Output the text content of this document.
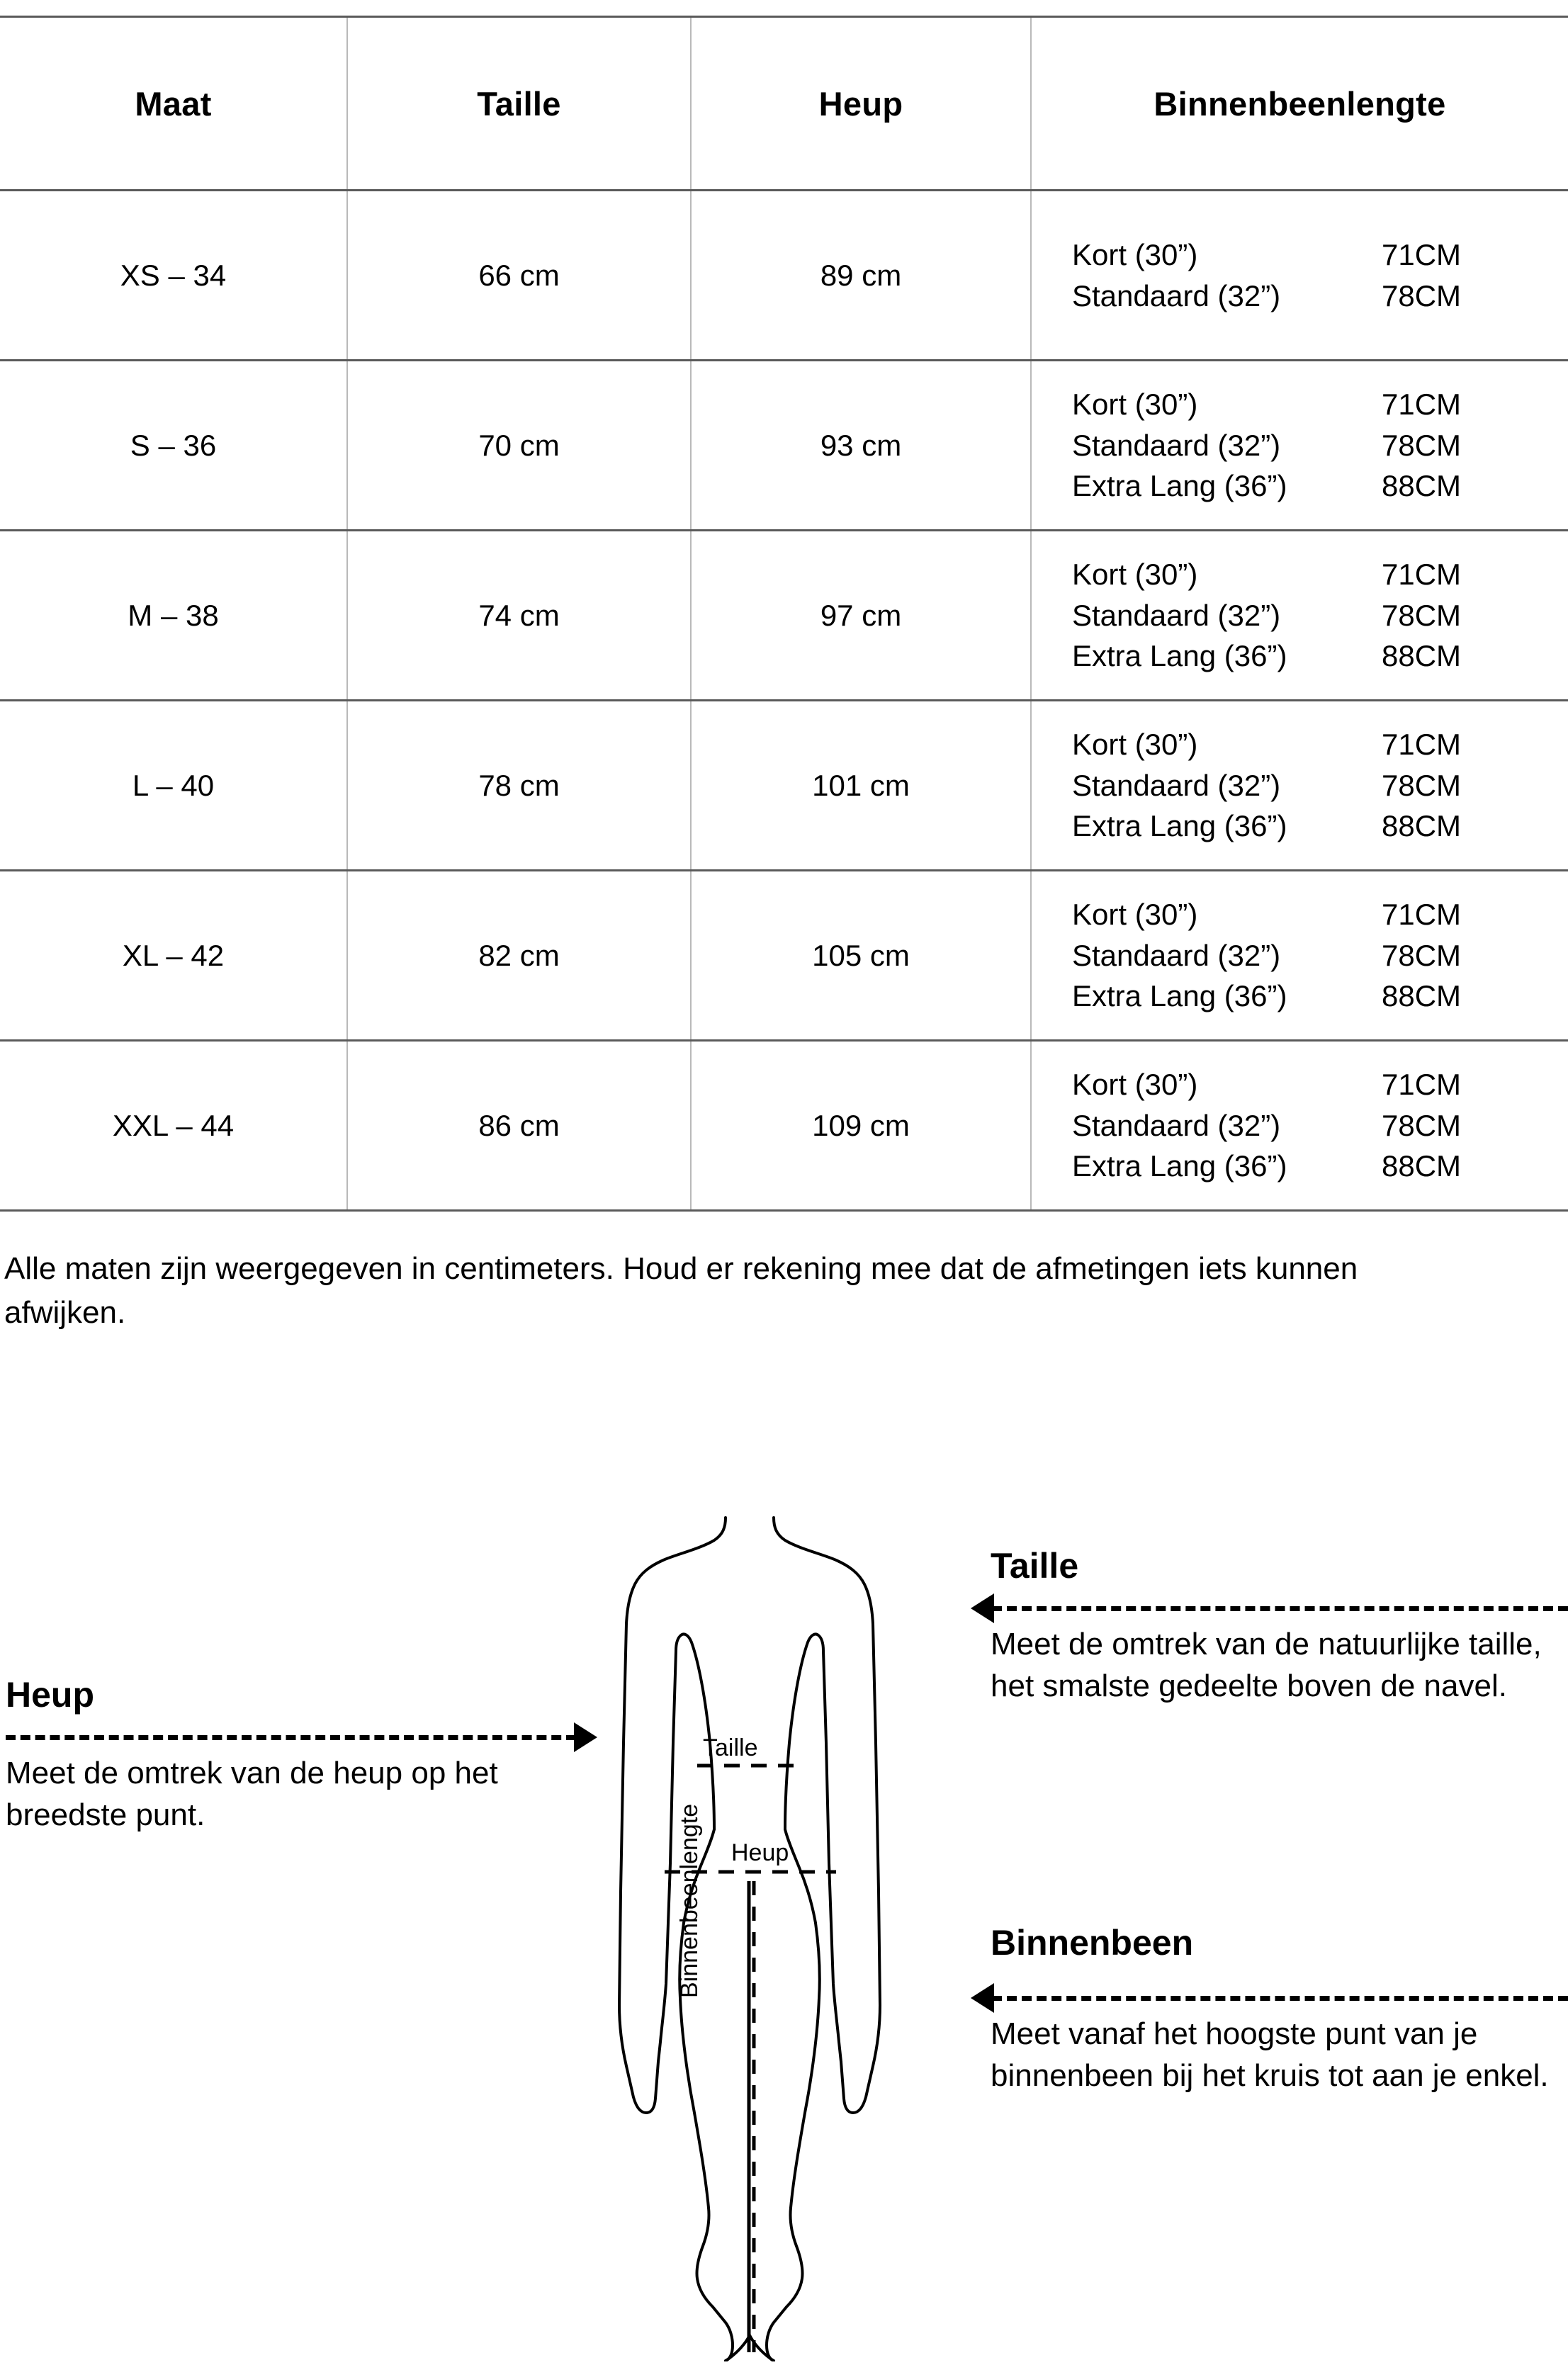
Maat	Taille	Heup	Binnenbeenlengte
XS – 34	66 cm	89 cm	Kort (30”) 71CM
Standaard (32”) 78CM

S – 36	70 cm	93 cm	
Kort (30”)	71CM
Standaard (32”)	78CM
Extra Lang (36”)	88CM

M – 38	74 cm	97 cm	
Kort (30”)	71CM
Standaard (32”)	78CM
Extra Lang (36”)	88CM

L – 40	78 cm	101 cm	
Kort (30”)	71CM
Standaard (32”)	78CM
Extra Lang (36”)	88CM

XL – 42	82 cm	105 cm	
Kort (30”)	71CM
Standaard (32”)	78CM
Extra Lang (36”)	88CM

XXL – 44	86 cm	109 cm	
Kort (30”)	71CM
Standaard (32”)	78CM
Extra Lang (36”)	88CM
Alle maten zijn weergegeven in centimeters. Houd er rekening mee dat de afmetingen iets kunnen afwijken.
Heup
Meet de omtrek van de heup op het breedste punt.
Taille
Meet de omtrek van de natuurlijke taille, het smalste gedeelte boven de navel.
Binnenbeen
Meet vanaf het hoogste punt van je binnenbeen bij het kruis tot aan je enkel.
Taille
Heup
Binnenbeenlengte
